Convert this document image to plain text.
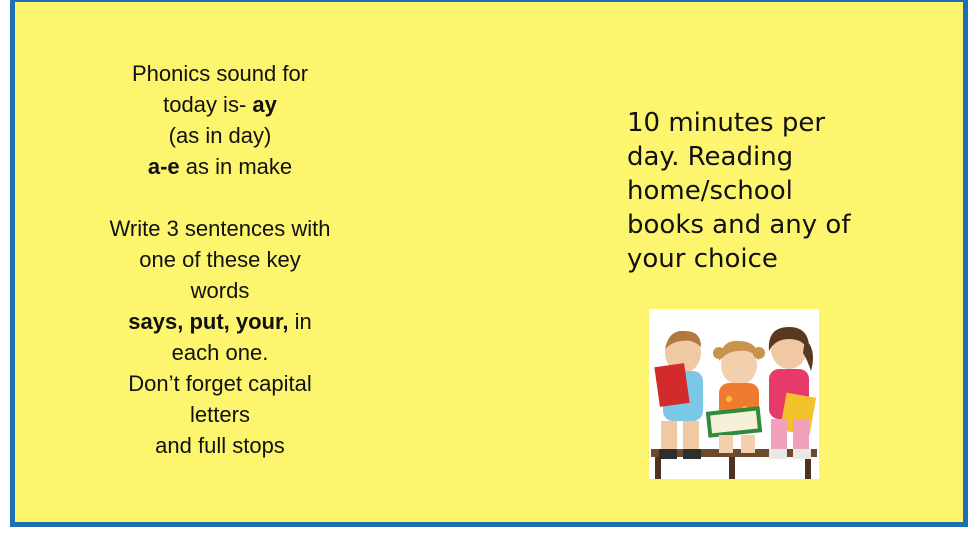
Phonics sound for
today is- ay
(as in day)
a-e as in make
Write 3 sentences with
one of these key
words
says, put, your, in
each one.
Don’t forget capital
letters
and full stops
10 minutes per
day. Reading
home/school
books and any of
your choice
